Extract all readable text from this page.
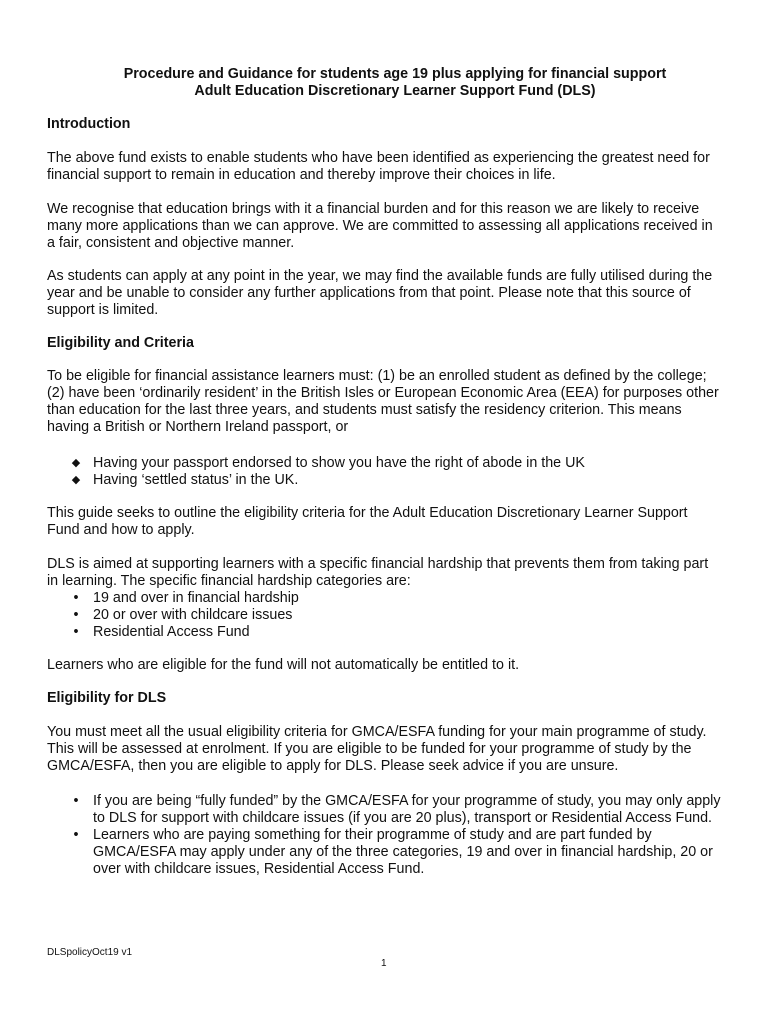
Procedure and Guidance for students age 19 plus applying for financial support

Adult Education Discretionary Learner Support Fund (DLS)

Introduction

The above fund exists to enable students who have been identified as experiencing the greatest need for financial support to remain in education and thereby improve their choices in life.

We recognise that education brings with it a financial burden and for this reason we are likely to receive many more applications than we can approve. We are committed to assessing all applications received in a fair, consistent and objective manner.

As students can apply at any point in the year, we may find the available funds are fully utilised during the year and be unable to consider any further applications from that point. Please note that this source of support is limited.

Eligibility and Criteria

To be eligible for financial assistance learners must: (1) be an enrolled student as defined by the college; (2) have been ‘ordinarily resident’ in the British Isles or European Economic Area (EEA) for purposes other than education for the last three years, and students must satisfy the residency criterion. This means having a British or Northern Ireland passport, or

◆ Having your passport endorsed to show you have the right of abode in the UK
◆ Having ‘settled status’ in the UK.

This guide seeks to outline the eligibility criteria for the Adult Education Discretionary Learner Support Fund and how to apply.

DLS is aimed at supporting learners with a specific financial hardship that prevents them from taking part in learning. The specific financial hardship categories are:

•	19 and over in financial hardship
•	20 or over with childcare issues
•	Residential Access Fund

Learners who are eligible for the fund will not automatically be entitled to it.

Eligibility for DLS

You must meet all the usual eligibility criteria for GMCA/ESFA funding for your main programme of study. This will be assessed at enrolment. If you are eligible to be funded for your programme of study by the GMCA/ESFA, then you are eligible to apply for DLS. Please seek advice if you are unsure.

•	If you are being “fully funded” by the GMCA/ESFA for your programme of study, you may only apply to DLS for support with childcare issues (if you are 20 plus), transport or Residential Access Fund.
•	Learners who are paying something for their programme of study and are part funded by GMCA/ESFA may apply under any of the three categories, 19 and over in financial hardship, 20 or over with childcare issues, Residential Access Fund.
DLSpolicyOct19 v1
1
